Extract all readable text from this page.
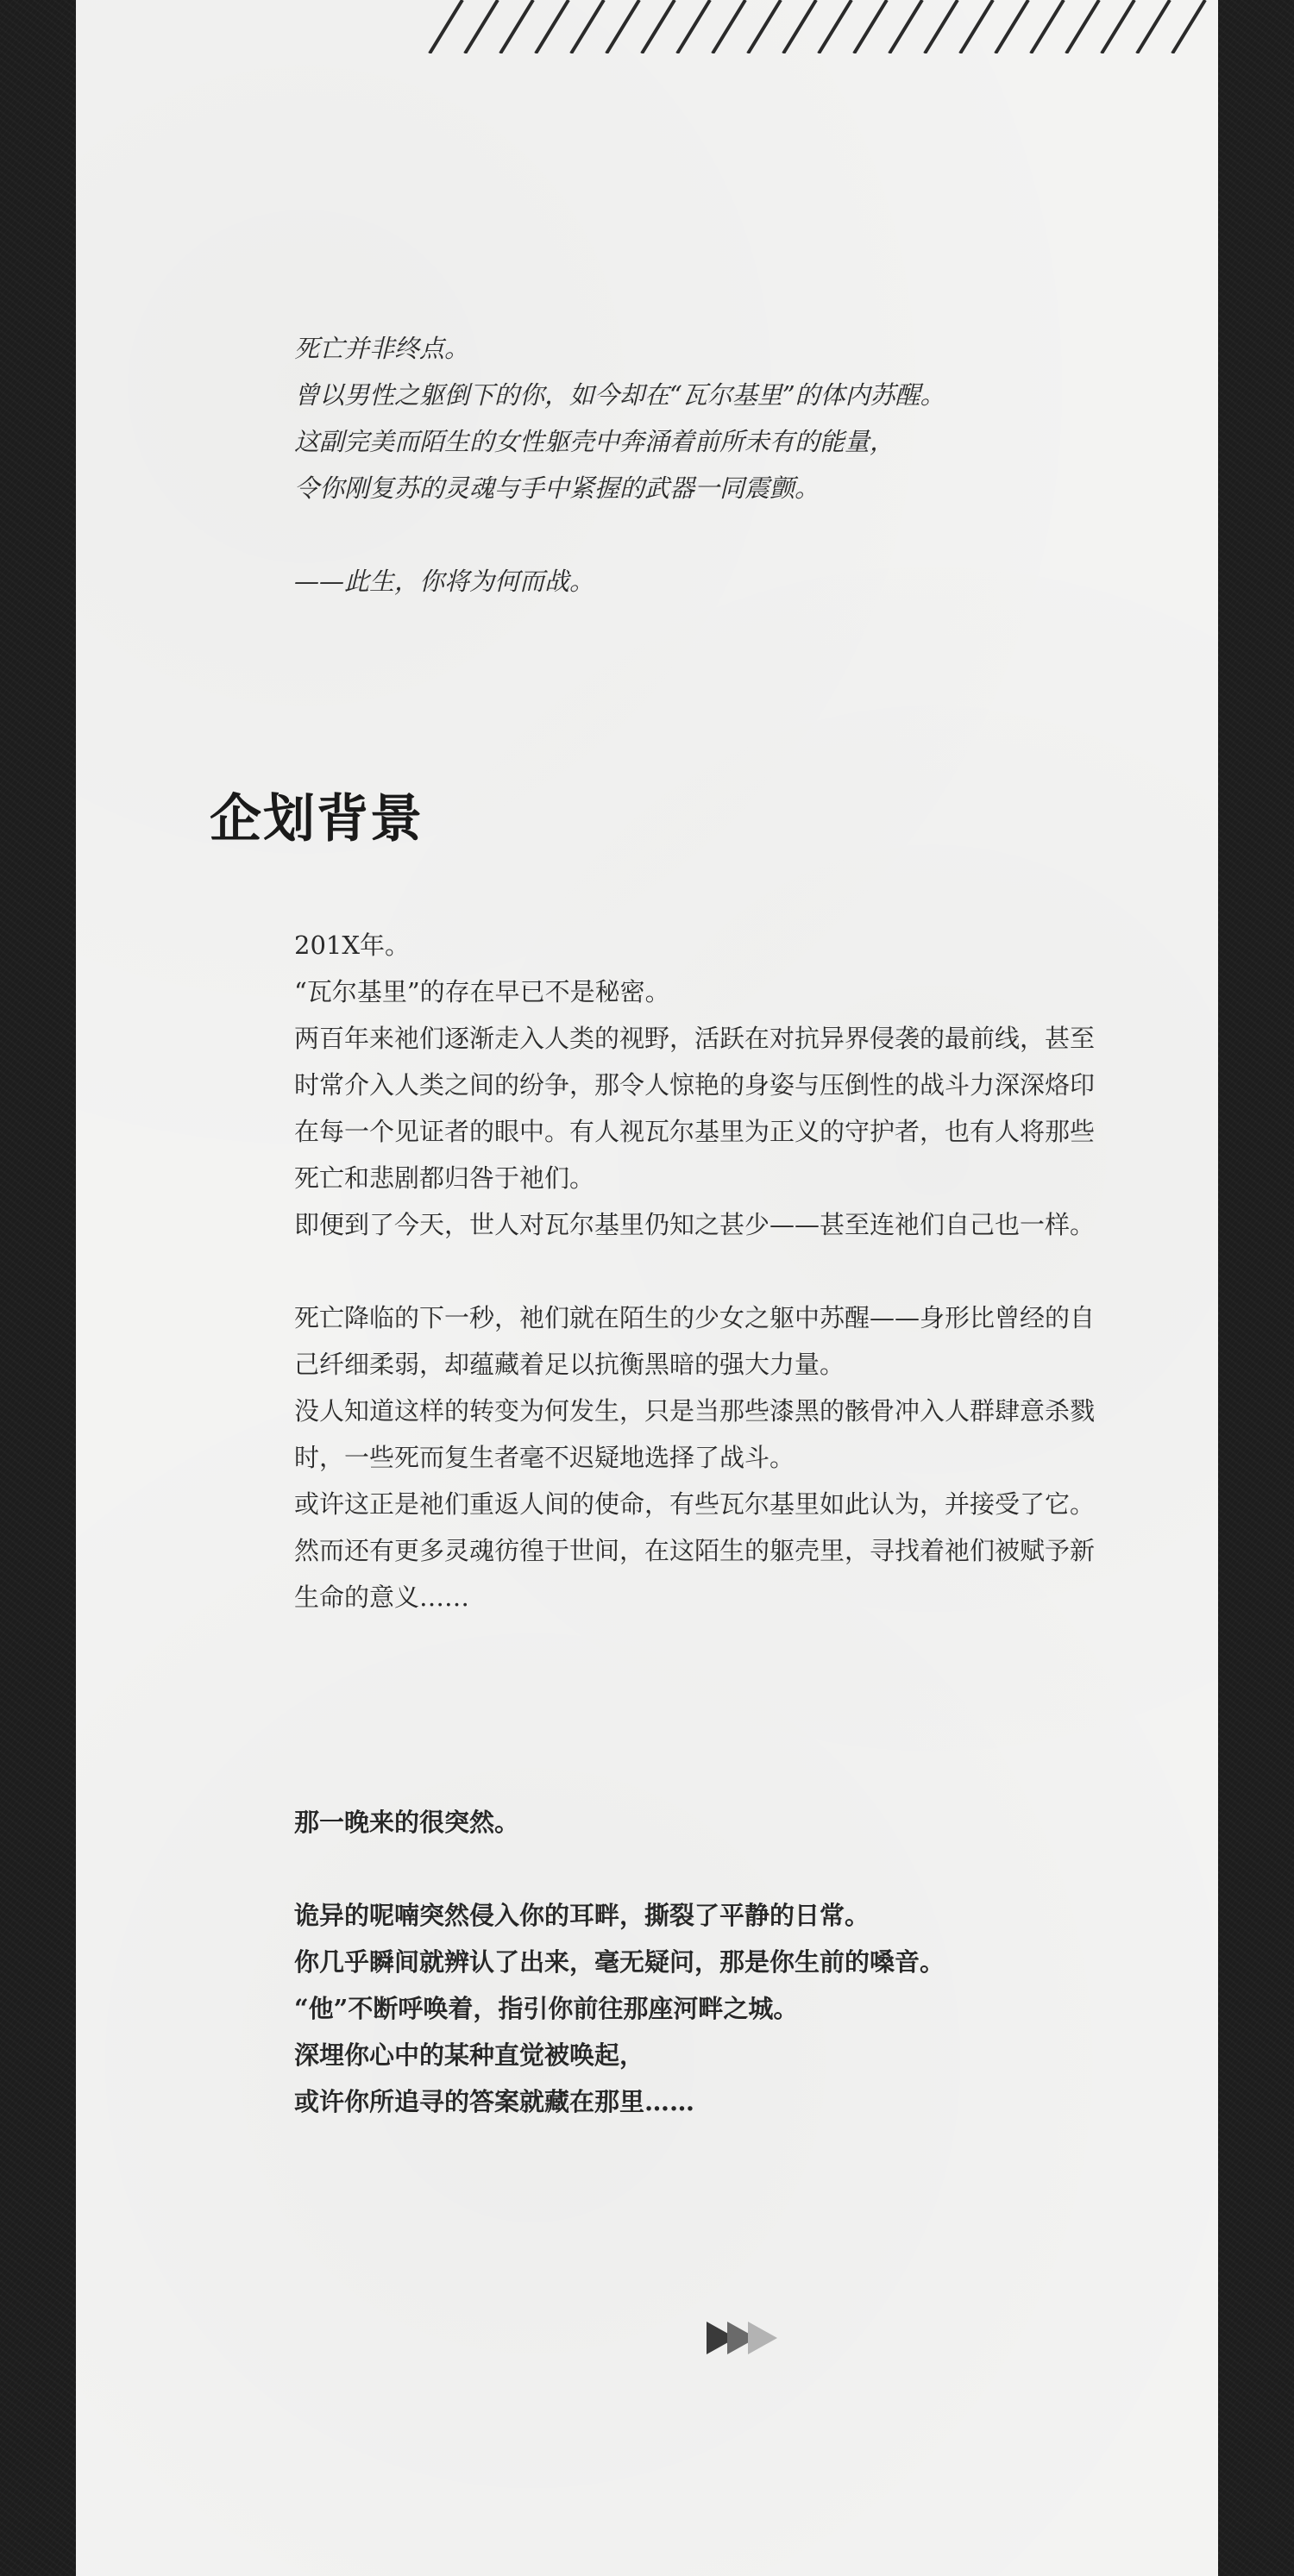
死亡并非终点。

曾以男性之躯倒下的你，如今却在“瓦尔基里”的体内苏醒。

这副完美而陌生的女性躯壳中奔涌着前所未有的能量，

令你刚复苏的灵魂与手中紧握的武器一同震颤。

——此生，你将为何而战。

企划背景

201X年。

“瓦尔基里”的存在早已不是秘密。

两百年来祂们逐渐走入人类的视野，活跃在对抗异界侵袭的最前线，甚至

时常介入人类之间的纷争，那令人惊艳的身姿与压倒性的战斗力深深烙印

在每一个见证者的眼中。有人视瓦尔基里为正义的守护者，也有人将那些

死亡和悲剧都归咎于祂们。

即便到了今天，世人对瓦尔基里仍知之甚少——甚至连祂们自己也一样。

死亡降临的下一秒，祂们就在陌生的少女之躯中苏醒——身形比曾经的自

己纤细柔弱，却蕴藏着足以抗衡黑暗的强大力量。

没人知道这样的转变为何发生，只是当那些漆黑的骸骨冲入人群肆意杀戮

时，一些死而复生者毫不迟疑地选择了战斗。

或许这正是祂们重返人间的使命，有些瓦尔基里如此认为，并接受了它。

然而还有更多灵魂彷徨于世间，在这陌生的躯壳里，寻找着祂们被赋予新

生命的意义……

那一晚来的很突然。

诡异的呢喃突然侵入你的耳畔，撕裂了平静的日常。

你几乎瞬间就辨认了出来，毫无疑问，那是你生前的嗓音。

“他”不断呼唤着，指引你前往那座河畔之城。

深埋你心中的某种直觉被唤起，

或许你所追寻的答案就藏在那里……
